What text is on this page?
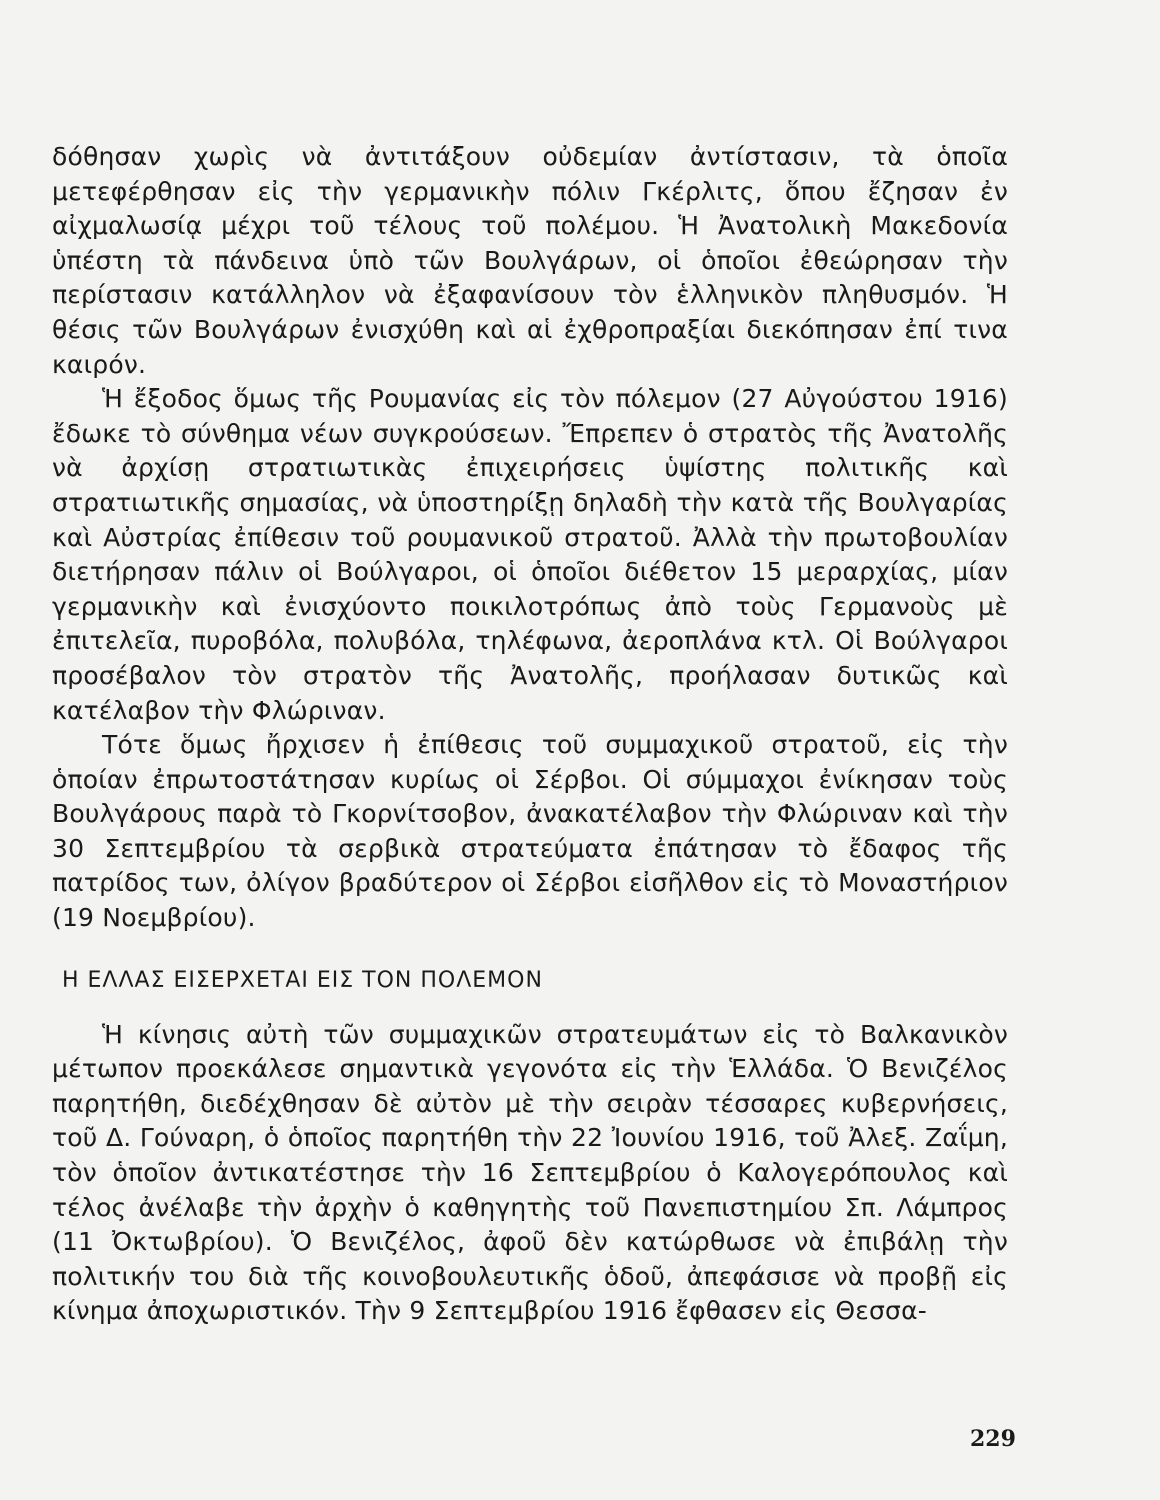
δόθησαν χωρὶς νὰ ἀντιτάξουν οὐδεμίαν ἀντίστασιν, τὰ ὁποῖα μετεφέρθησαν εἰς τὴν γερμανικὴν πόλιν Γκέρλιτς, ὅπου ἔζησαν ἐν αἰχμαλωσίᾳ μέχρι τοῦ τέλους τοῦ πολέμου. Ἡ Ἀνατολικὴ Μακεδονία ὑπέστη τὰ πάνδεινα ὑπὸ τῶν Βουλγάρων, οἱ ὁποῖοι ἐθεώρησαν τὴν περίστασιν κατάλληλον νὰ ἐξαφανίσουν τὸν ἑλληνικὸν πληθυσμόν. Ἡ θέσις τῶν Βουλγάρων ἐνισχύθη καὶ αἱ ἐχθροπραξίαι διεκόπησαν ἐπί τινα καιρόν.

Ἡ ἔξοδος ὅμως τῆς Ρουμανίας εἰς τὸν πόλεμον (27 Αὐγούστου 1916) ἔδωκε τὸ σύνθημα νέων συγκρούσεων. Ἔπρεπεν ὁ στρατὸς τῆς Ἀνατολῆς νὰ ἀρχίσῃ στρατιωτικὰς ἐπιχειρήσεις ὑψίστης πολιτικῆς καὶ στρατιωτικῆς σημασίας, νὰ ὑποστηρίξῃ δηλαδὴ τὴν κατὰ τῆς Βουλγαρίας καὶ Αὐστρίας ἐπίθεσιν τοῦ ρουμανικοῦ στρατοῦ. Ἀλλὰ τὴν πρωτοβουλίαν διετήρησαν πάλιν οἱ Βούλγαροι, οἱ ὁποῖοι διέθετον 15 μεραρχίας, μίαν γερμανικὴν καὶ ἐνισχύοντο ποικιλοτρόπως ἀπὸ τοὺς Γερμανοὺς μὲ ἐπιτελεῖα, πυροβόλα, πολυβόλα, τηλέφωνα, ἀεροπλάνα κτλ. Οἱ Βούλγαροι προσέβαλον τὸν στρατὸν τῆς Ἀνατολῆς, προήλασαν δυτικῶς καὶ κατέλαβον τὴν Φλώριναν.

Τότε ὅμως ἤρχισεν ἡ ἐπίθεσις τοῦ συμμαχικοῦ στρατοῦ, εἰς τὴν ὁποίαν ἐπρωτοστάτησαν κυρίως οἱ Σέρβοι. Οἱ σύμμαχοι ἐνίκησαν τοὺς Βουλγάρους παρὰ τὸ Γκορνίτσοβον, ἀνακατέλαβον τὴν Φλώριναν καὶ τὴν 30 Σεπτεμβρίου τὰ σερβικὰ στρατεύματα ἐπάτησαν τὸ ἔδαφος τῆς πατρίδος των, ὀλίγον βραδύτερον οἱ Σέρβοι εἰσῆλθον εἰς τὸ Μοναστήριον (19 Νοεμβρίου).

Η ΕΛΛΑΣ ΕΙΣΕΡΧΕΤΑΙ ΕΙΣ ΤΟΝ ΠΟΛΕΜΟΝ

Ἡ κίνησις αὐτὴ τῶν συμμαχικῶν στρατευμάτων εἰς τὸ Βαλκανικὸν μέτωπον προεκάλεσε σημαντικὰ γεγονότα εἰς τὴν Ἑλλάδα. Ὁ Βενιζέλος παρητήθη, διεδέχθησαν δὲ αὐτὸν μὲ τὴν σειρὰν τέσσαρες κυβερνήσεις, τοῦ Δ. Γούναρη, ὁ ὁποῖος παρητήθη τὴν 22 Ἰουνίου 1916, τοῦ Ἀλεξ. Ζαΐμη, τὸν ὁποῖον ἀντικατέστησε τὴν 16 Σεπτεμβρίου ὁ Καλογερόπουλος καὶ τέλος ἀνέλαβε τὴν ἀρχὴν ὁ καθηγητὴς τοῦ Πανεπιστημίου Σπ. Λάμπρος (11 Ὀκτωβρίου). Ὁ Βενιζέλος, ἀφοῦ δὲν κατώρθωσε νὰ ἐπιβάλῃ τὴν πολιτικήν του διὰ τῆς κοινοβουλευτικῆς ὁδοῦ, ἀπεφάσισε νὰ προβῇ εἰς κίνημα ἀποχωριστικόν. Τὴν 9 Σεπτεμβρίου 1916 ἔφθασεν εἰς Θεσσα-

229
